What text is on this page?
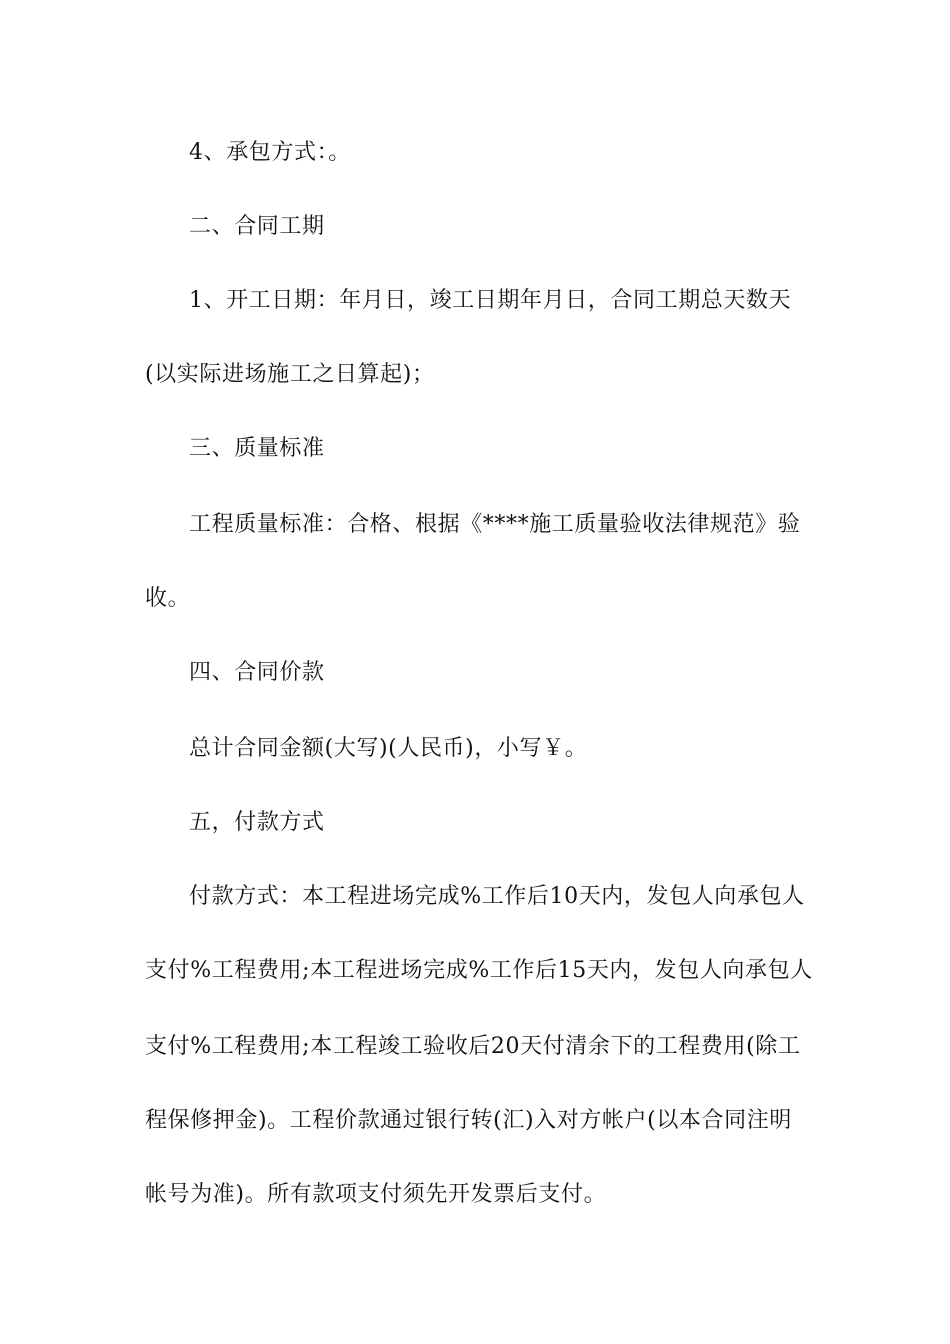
4、承包方式：。
二、合同工期
1、开工日期：年月日，竣工日期年月日，合同工期总天数天
(以实际进场施工之日算起)；
三、质量标准
工程质量标准：合格、根据《****施工质量验收法律规范》验
收。
四、合同价款
总计合同金额(大写)(人民币)，小写￥。
五，付款方式
付款方式：本工程进场完成%工作后10天内，发包人向承包人
支付%工程费用;本工程进场完成%工作后15天内，发包人向承包人
支付%工程费用;本工程竣工验收后20天付清余下的工程费用(除工
程保修押金)。工程价款通过银行转(汇)入对方帐户(以本合同注明
帐号为准)。所有款项支付须先开发票后支付。
